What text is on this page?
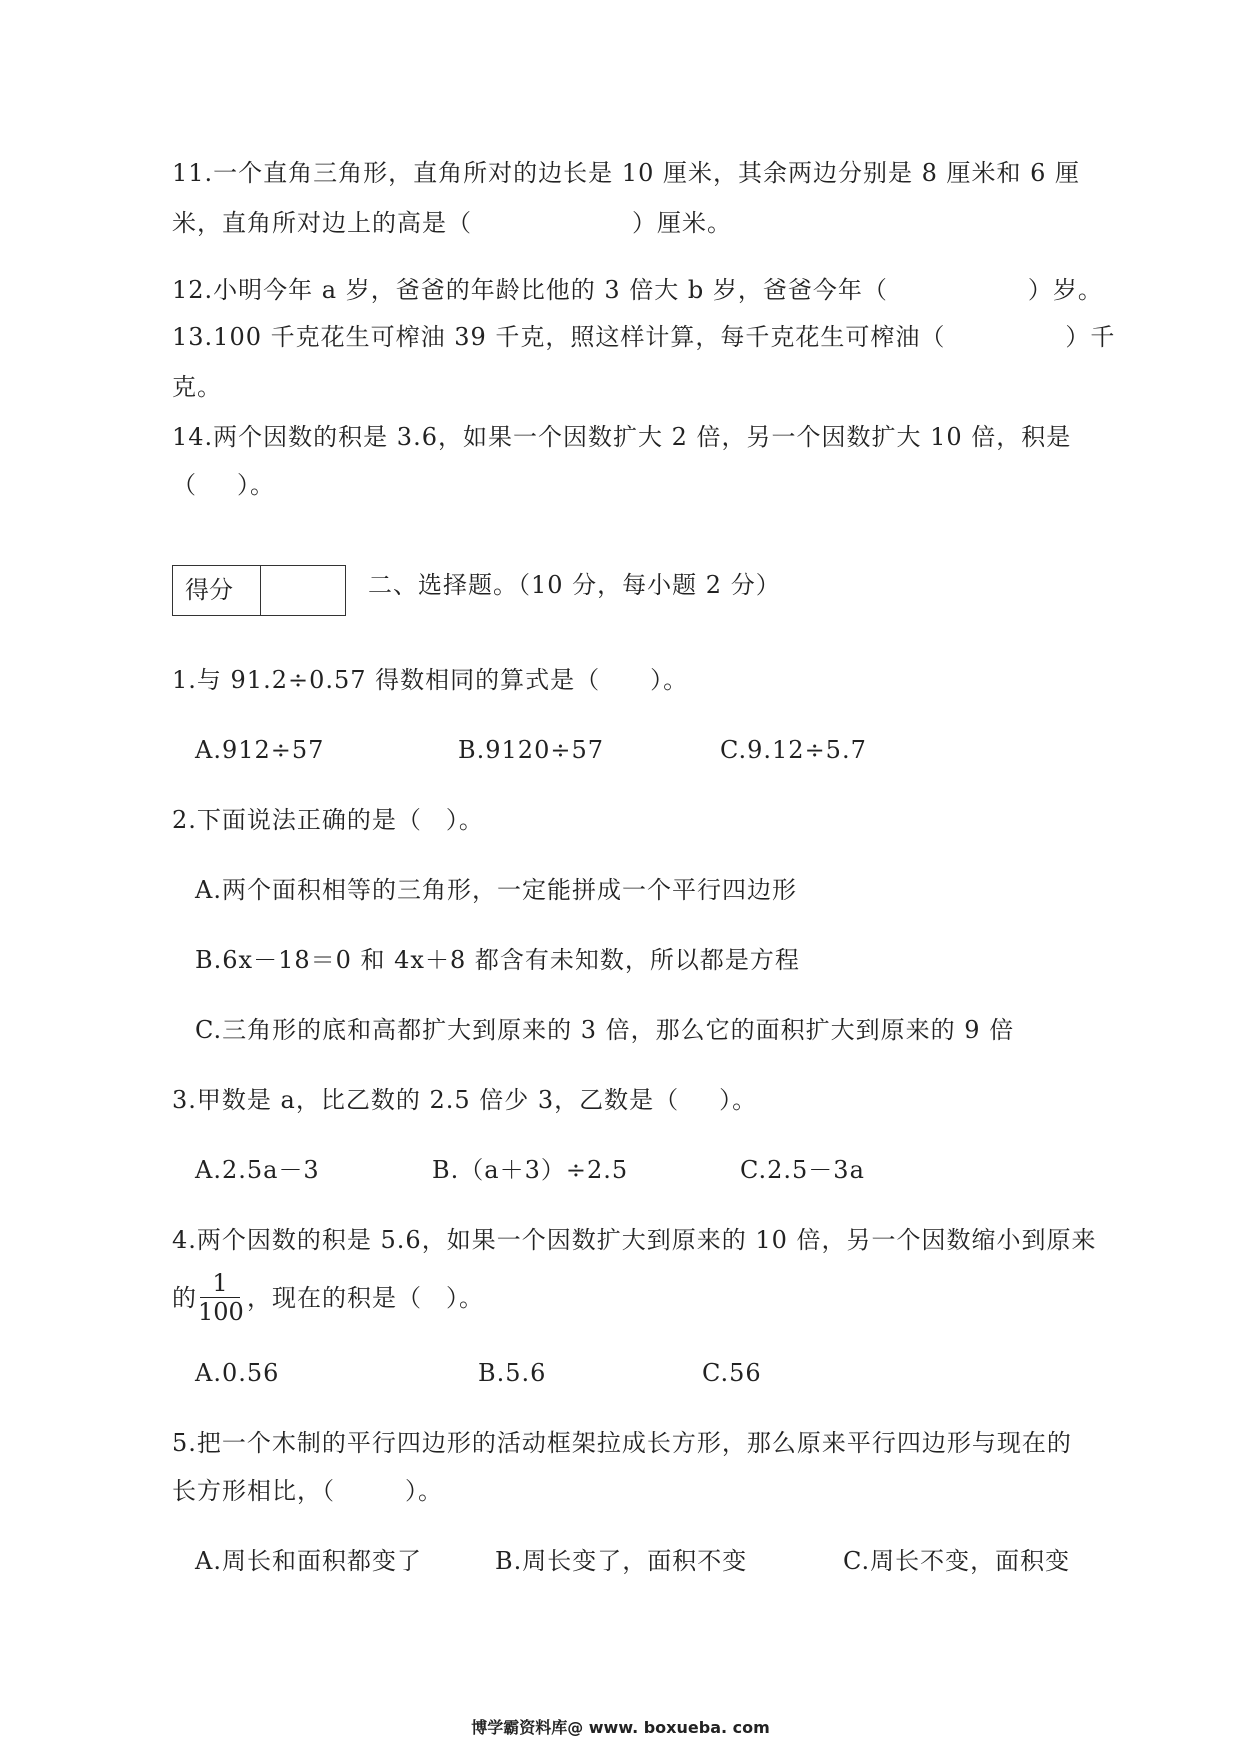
11.一个直角三角形，直角所对的边长是 10 厘米，其余两边分别是 8 厘米和 6 厘
米，直角所对边上的高是（	）厘米。
12.小明今年 a 岁，爸爸的年龄比他的 3 倍大 b 岁，爸爸今年（	）岁。
13.100 千克花生可榨油 39 千克，照这样计算，每千克花生可榨油（	）千
克。
14.两个因数的积是 3.6，如果一个因数扩大 2 倍，另一个因数扩大 10 倍，积是
（ ）。
得分	二、选择题。（10 分，每小题 2 分）
1.与 91.2÷0.57 得数相同的算式是（ ）。
A.912÷57	B.9120÷57	C.9.12÷5.7
2.下面说法正确的是（ ）。
A.两个面积相等的三角形，一定能拼成一个平行四边形
B.6x－18＝0 和 4x＋8 都含有未知数，所以都是方程
C.三角形的底和高都扩大到原来的 3 倍，那么它的面积扩大到原来的 9 倍
3.甲数是 a，比乙数的 2.5 倍少 3，乙数是（ ）。
A.2.5a－3	B.（a＋3）÷2.5	C.2.5－3a
4.两个因数的积是 5.6，如果一个因数扩大到原来的 10 倍，另一个因数缩小到原来
的 ，现在的积是（ ）。
1
100
A.0.56	B.5.6	C.56
5.把一个木制的平行四边形的活动框架拉成长方形，那么原来平行四边形与现在的
长方形相比，（	）。
A.周长和面积都变了	B.周长变了，面积不变	C.周长不变，面积变
博学霸资料库@ www. boxueba. com
